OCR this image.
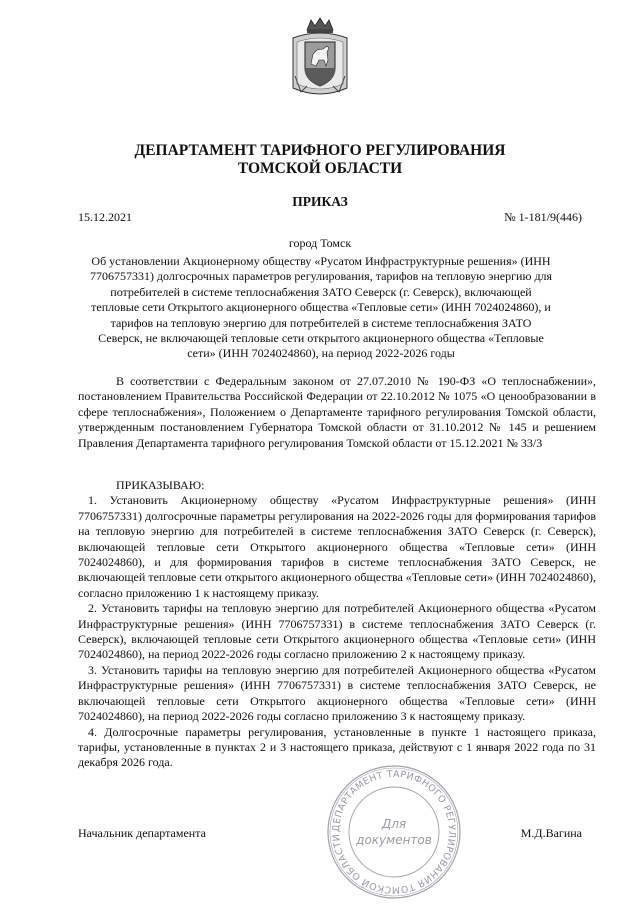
ДЕПАРТАМЕНТ ТАРИФНОГО РЕГУЛИРОВАНИЯ
ТОМСКОЙ ОБЛАСТИ
ПРИКАЗ
15.12.2021	№ 1-181/9(446)
город Томск
Об установлении Акционерному обществу «Русатом Инфраструктурные решения» (ИНН 7706757331) долгосрочных параметров регулирования, тарифов на тепловую энергию для потребителей в системе теплоснабжения ЗАТО Северск (г. Северск), включающей тепловые сети Открытого акционерного общества «Тепловые сети» (ИНН 7024024860), и тарифов на тепловую энергию для потребителей в системе теплоснабжения ЗАТО Северск, не включающей тепловые сети открытого акционерного общества «Тепловые сети» (ИНН 7024024860), на период 2022-2026 годы
В соответствии с Федеральным законом от 27.07.2010 № 190-ФЗ «О теплоснабжении», постановлением Правительства Российской Федерации от 22.10.2012 № 1075 «О ценообразовании в сфере теплоснабжения», Положением о Департаменте тарифного регулирования Томской области, утвержденным постановлением Губернатора Томской области от 31.10.2012 № 145 и решением Правления Департамента тарифного регулирования Томской области от 15.12.2021 № 33/3
ПРИКАЗЫВАЮ:

1. Установить Акционерному обществу «Русатом Инфраструктурные решения» (ИНН 7706757331) долгосрочные параметры регулирования на 2022-2026 годы для формирования тарифов на тепловую энергию для потребителей в системе теплоснабжения ЗАТО Северск (г. Северск), включающей тепловые сети Открытого акционерного общества «Тепловые сети» (ИНН 7024024860), и для формирования тарифов в системе теплоснабжения ЗАТО Северск, не включающей тепловые сети открытого акционерного общества «Тепловые сети» (ИНН 7024024860), согласно приложению 1 к настоящему приказу.

2. Установить тарифы на тепловую энергию для потребителей Акционерного общества «Русатом Инфраструктурные решения» (ИНН 7706757331) в системе теплоснабжения ЗАТО Северск (г. Северск), включающей тепловые сети Открытого акционерного общества «Тепловые сети» (ИНН 7024024860), на период 2022-2026 годы согласно приложению 2 к настоящему приказу.

3. Установить тарифы на тепловую энергию для потребителей Акционерного общества «Русатом Инфраструктурные решения» (ИНН 7706757331) в системе теплоснабжения ЗАТО Северск, не включающей тепловые сети Открытого акционерного общества «Тепловые сети» (ИНН 7024024860), на период 2022-2026 годы согласно приложению 3 к настоящему приказу.

4. Долгосрочные параметры регулирования, установленные в пункте 1 настоящего приказа, тарифы, установленные в пунктах 2 и 3 настоящего приказа, действуют с 1 января 2022 года по 31 декабря 2026 года.

ДЕПАРТАМЕНТ ТАРИФНОГО РЕГУЛИРОВАНИЯ ТОМСКОЙ ОБЛАСТИ
Для
документов
Начальник департамента	М.Д.Вагина
